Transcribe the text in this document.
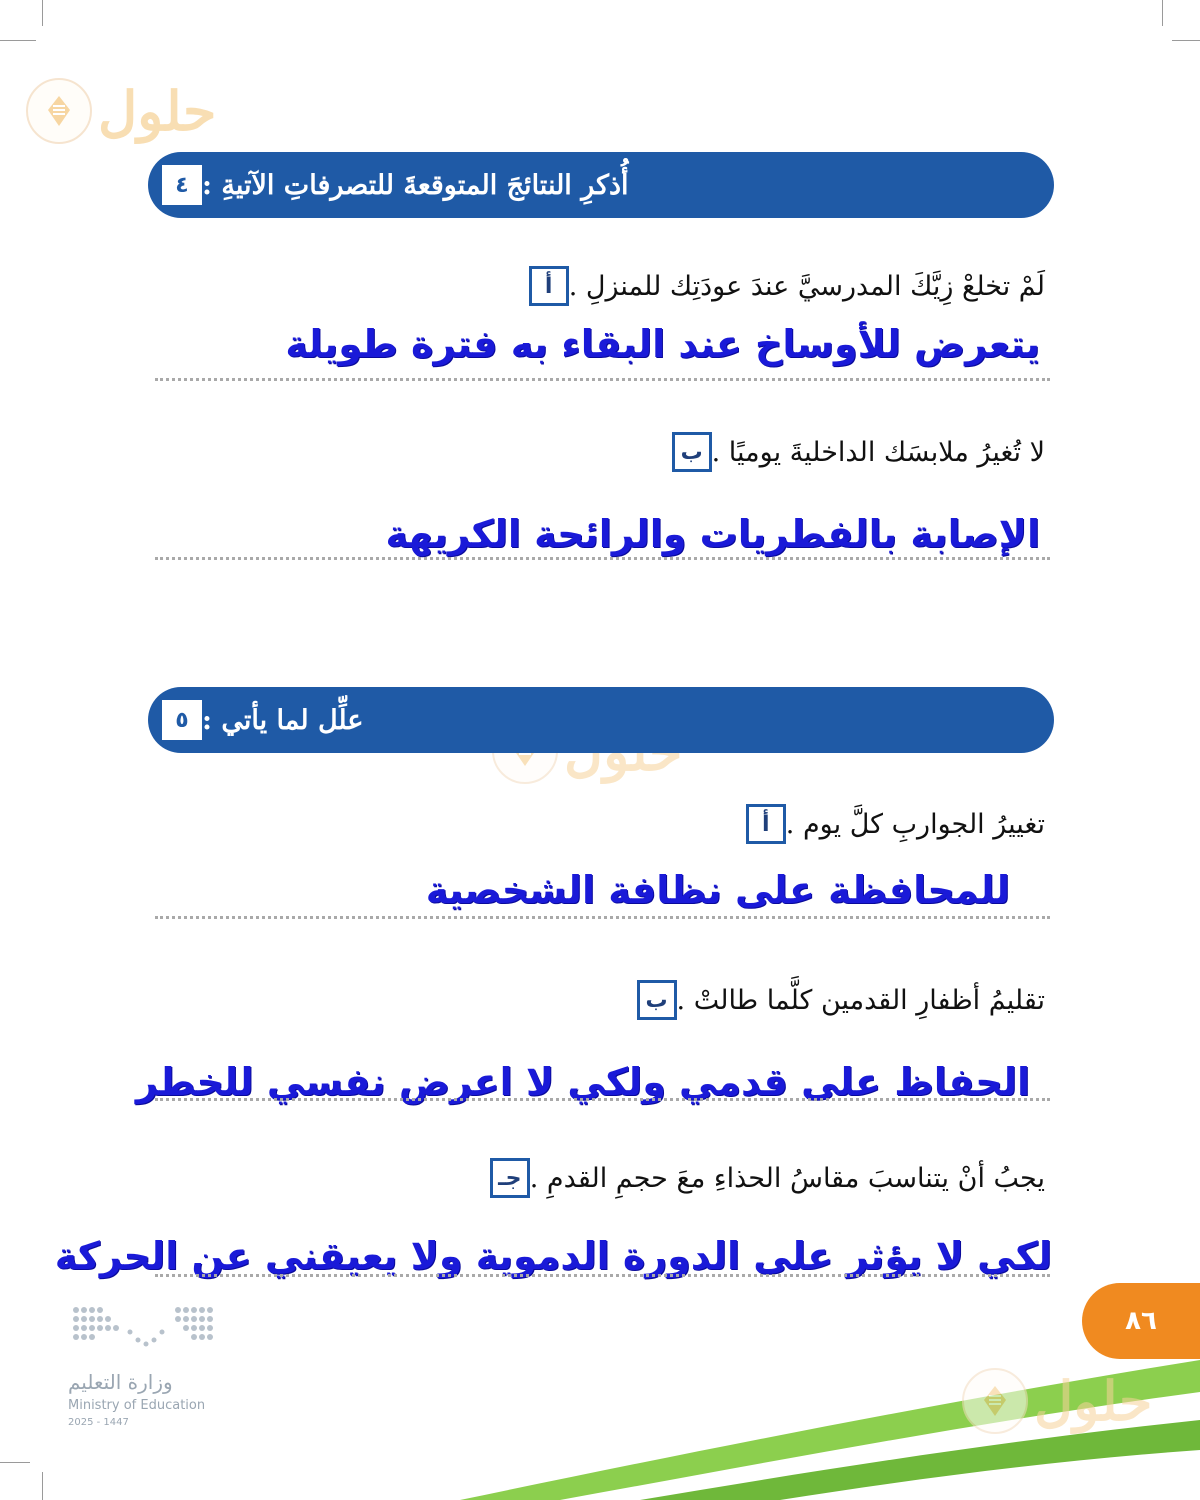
حلول
٤ أُذكرِ النتائجَ المتوقعةَ للتصرفاتِ الآتيةِ :
أ لَمْ تخلعْ زِيَّكَ المدرسيَّ عندَ عودَتِك للمنزلِ .
يتعرض للأوساخ عند البقاء به فترة طويلة
ب لا تُغيرُ ملابسَك الداخليةَ يوميًا .
الإصابة بالفطريات والرائحة الكريهة
٥ علِّل لما يأتي :
أ تغييرُ الجواربِ كلَّ يوم .
للمحافظة على نظافة الشخصية
ب تقليمُ أظفارِ القدمين كلَّما طالتْ .
الحفاظ على قدمي ولكي لا اعرض نفسي للخطر
جـ يجبُ أنْ يتناسبَ مقاسُ الحذاءِ معَ حجمِ القدمِ .
لكي لا يؤثر على الدورة الدموية ولا يعيقني عن الحركة
حلول
٨٦
وزارة التعليم
Ministry of Education
2025 - 1447
